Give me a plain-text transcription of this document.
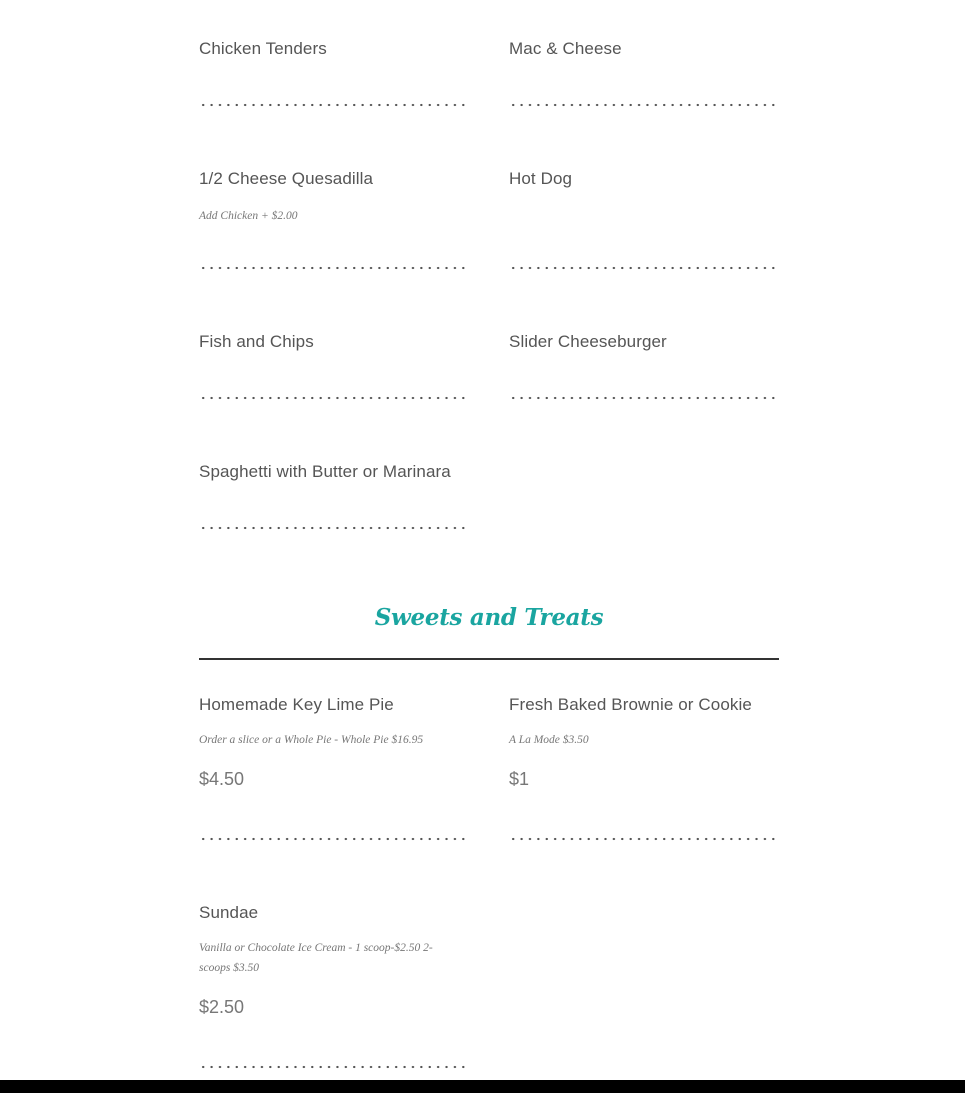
Chicken Tenders	Mac & Cheese

1/2 Cheese Quesadilla

Add Chicken + $2.00

Hot Dog

Fish and Chips	Slider Cheeseburger

Spaghetti with Butter or Marinara

Sweets and Treats

Homemade Key Lime Pie

Order a slice or a Whole Pie - Whole Pie $16.95
$4.50

Fresh Baked Brownie or Cookie

A La Mode $3.50
$1

Sundae

Vanilla or Chocolate Ice Cream - 1 scoop-$2.50 2-scoops $3.50
$2.50
